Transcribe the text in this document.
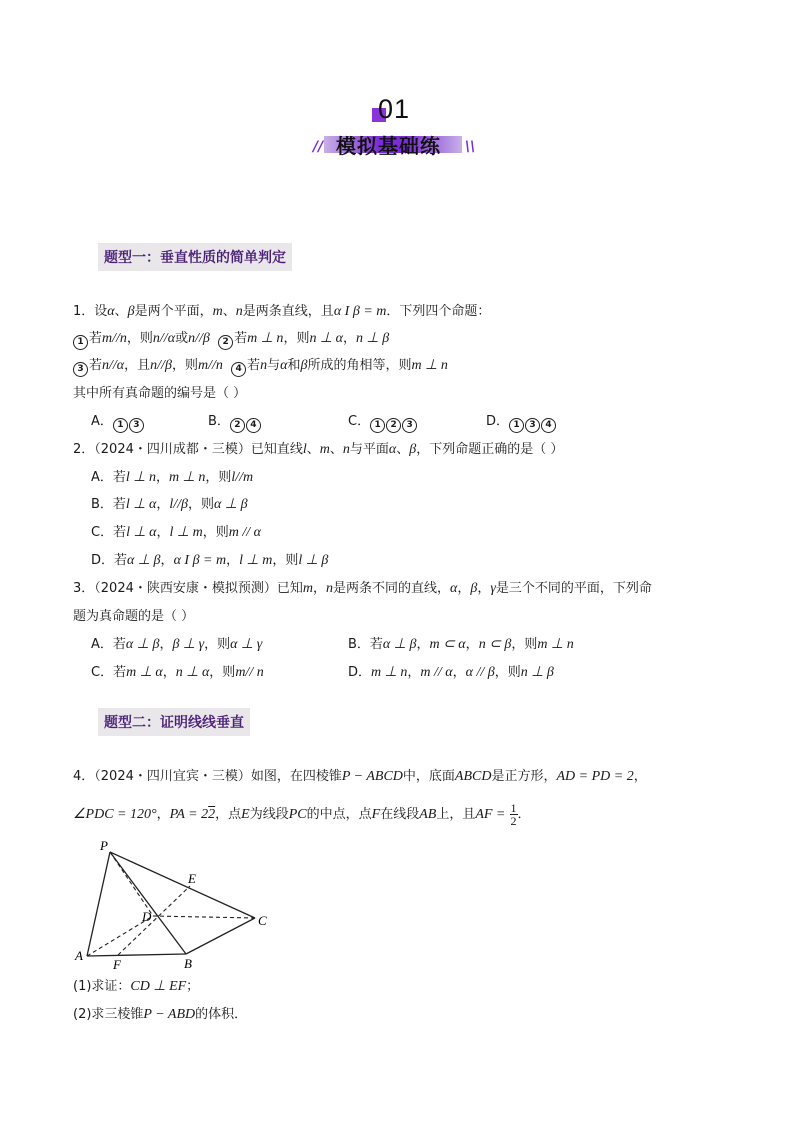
01
// 模拟基础练 \\
题型一：垂直性质的简单判定
1．设α、β是两个平面，m、n是两条直线，且α I β = m．下列四个命题：
1 若m//n，则n//α或n//β 2 若m ⊥ n，则n ⊥ α，n ⊥ β
3 若n//α，且n//β，则m//n 4 若n与α和β所成的角相等，则m ⊥ n
其中所有真命题的编号是（ ）
A． 1 3	B． 2 4	C． 1 2 3	D． 1 3 4
2．（2024・四川成都・三模）已知直线l、m、n与平面α、β，下列命题正确的是（ ）
A．若l ⊥ n，m ⊥ n，则l//m
B．若l ⊥ α，l//β，则α ⊥ β
C．若l ⊥ α，l ⊥ m，则m // α
D．若α ⊥ β，α I β = m，l ⊥ m，则l ⊥ β
3．（2024・陕西安康・模拟预测）已知m，n是两条不同的直线，α，β，γ是三个不同的平面，下列命
题为真命题的是（ ）
A．若α ⊥ β，β ⊥ γ，则α ⊥ γ	B．若α ⊥ β，m ⊂ α，n ⊂ β，则m ⊥ n
C．若m ⊥ α，n ⊥ α，则m// n	D．m ⊥ n，m // α，α // β，则n ⊥ β
题型二：证明线线垂直
4．（2024・四川宜宾・三模）如图，在四棱锥P − ABCD中，底面ABCD是正方形，AD = PD = 2，
∠PDC = 120°，PA = 22，点E为线段PC的中点，点F在线段AB上，且AF = $\frac{1}{2}$ ．
P
E
D	C
A
F	B
(1)求证：CD ⊥ EF；
(2)求三棱锥P − ABD的体积．
